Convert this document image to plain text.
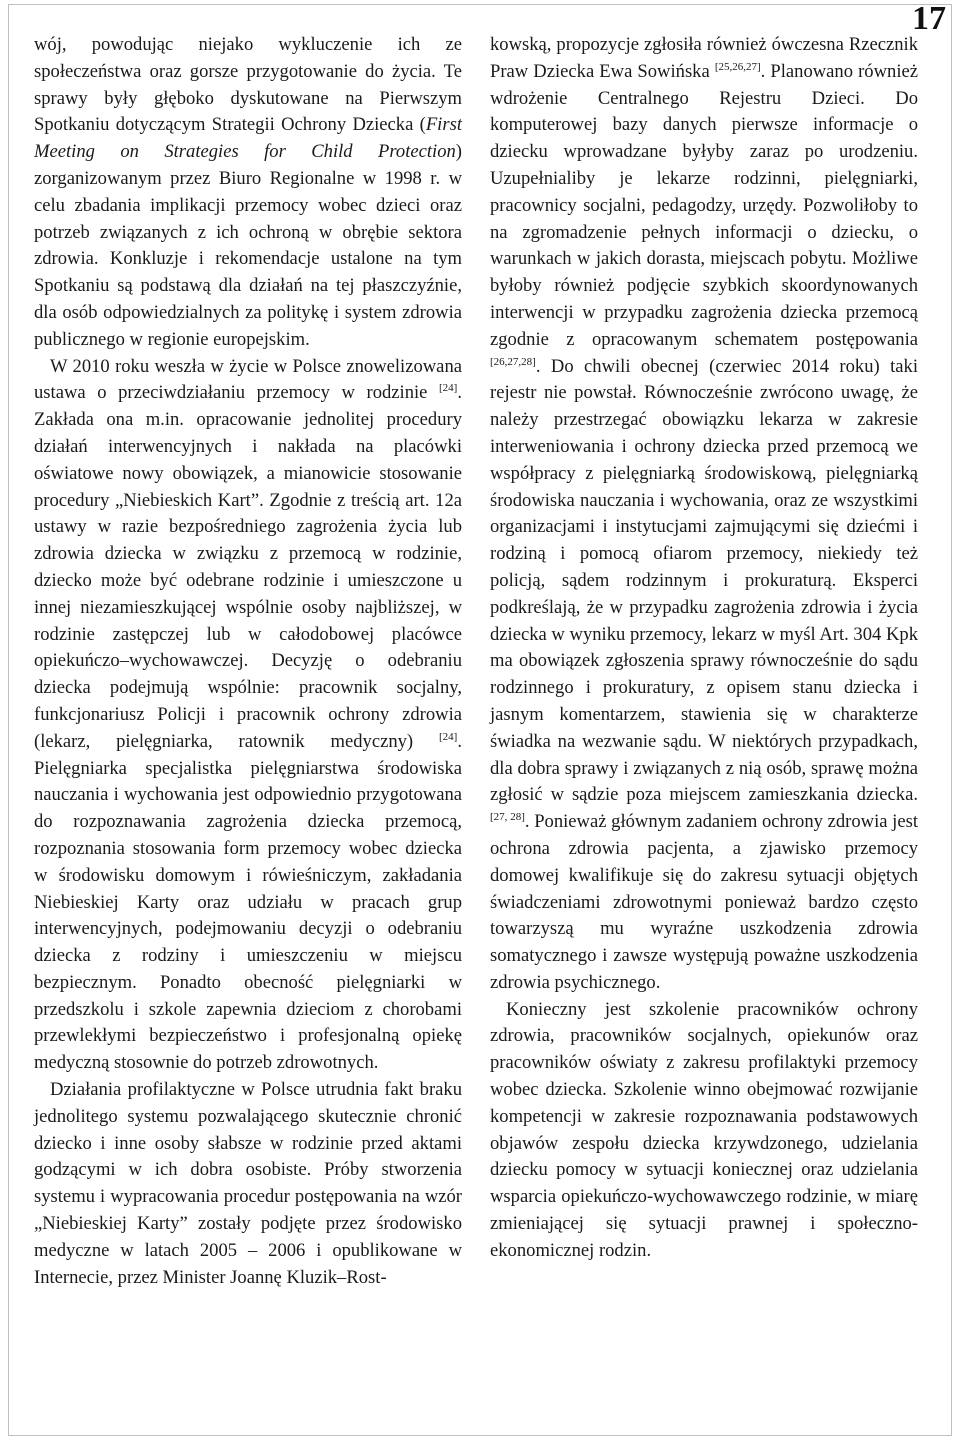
17

wój, powodując niejako wykluczenie ich ze społeczeństwa oraz gorsze przygotowanie do życia. Te sprawy były głęboko dyskutowane na Pierwszym Spotkaniu dotyczącym Strategii Ochrony Dziecka (First Meeting on Strategies for Child Protection) zorganizowanym przez Biuro Regionalne w 1998 r. w celu zbadania implikacji przemocy wobec dzieci oraz potrzeb związanych z ich ochroną w obrębie sektora zdrowia. Konkluzje i rekomendacje ustalone na tym Spotkaniu są podstawą dla działań na tej płaszczyźnie, dla osób odpowiedzialnych za politykę i system zdrowia publicznego w regionie europejskim.

W 2010 roku weszła w życie w Polsce znowelizowana ustawa o przeciwdziałaniu przemocy w rodzinie [24]. Zakłada ona m.in. opracowanie jednolitej procedury działań interwencyjnych i nakłada na placówki oświatowe nowy obowiązek, a mianowicie stosowanie procedury „Niebieskich Kart”. Zgodnie z treścią art. 12a ustawy w razie bezpośredniego zagrożenia życia lub zdrowia dziecka w związku z przemocą w rodzinie, dziecko może być odebrane rodzinie i umieszczone u innej niezamieszkującej wspólnie osoby najbliższej, w rodzinie zastępczej lub w całodobowej placówce opiekuńczo–wychowawczej. Decyzję o odebraniu dziecka podejmują wspólnie: pracownik socjalny, funkcjonariusz Policji i pracownik ochrony zdrowia (lekarz, pielęgniarka, ratownik medyczny) [24]. Pielęgniarka specjalistka pielęgniarstwa środowiska nauczania i wychowania jest odpowiednio przygotowana do rozpoznawania zagrożenia dziecka przemocą, rozpoznania stosowania form przemocy wobec dziecka w środowisku domowym i rówieśniczym, zakładania Niebieskiej Karty oraz udziału w pracach grup interwencyjnych, podejmowaniu decyzji o odebraniu dziecka z rodziny i umieszczeniu w miejscu bezpiecznym. Ponadto obecność pielęgniarki w przedszkolu i szkole zapewnia dzieciom z chorobami przewlekłymi bezpieczeństwo i profesjonalną opiekę medyczną stosownie do potrzeb zdrowotnych.

Działania profilaktyczne w Polsce utrudnia fakt braku jednolitego systemu pozwalającego skutecznie chronić dziecko i inne osoby słabsze w rodzinie przed aktami godzącymi w ich dobra osobiste. Próby stworzenia systemu i wypracowania procedur postępowania na wzór „Niebieskiej Karty” zostały podjęte przez środowisko medyczne w latach 2005 – 2006 i opublikowane w Internecie, przez Minister Joannę Kluzik–Rost-

kowską, propozycje zgłosiła również ówczesna Rzecznik Praw Dziecka Ewa Sowińska [25,26,27]. Planowano również wdrożenie Centralnego Rejestru Dzieci. Do komputerowej bazy danych pierwsze informacje o dziecku wprowadzane byłyby zaraz po urodzeniu. Uzupełnialiby je lekarze rodzinni, pielęgniarki, pracownicy socjalni, pedagodzy, urzędy. Pozwoliłoby to na zgromadzenie pełnych informacji o dziecku, o warunkach w jakich dorasta, miejscach pobytu. Możliwe byłoby również podjęcie szybkich skoordynowanych interwencji w przypadku zagrożenia dziecka przemocą zgodnie z opracowanym schematem postępowania [26,27,28]. Do chwili obecnej (czerwiec 2014 roku) taki rejestr nie powstał. Równocześnie zwrócono uwagę, że należy przestrzegać obowiązku lekarza w zakresie interweniowania i ochrony dziecka przed przemocą we współpracy z pielęgniarką środowiskową, pielęgniarką środowiska nauczania i wychowania, oraz ze wszystkimi organizacjami i instytucjami zajmującymi się dziećmi i rodziną i pomocą ofiarom przemocy, niekiedy też policją, sądem rodzinnym i prokuraturą. Eksperci podkreślają, że w przypadku zagrożenia zdrowia i życia dziecka w wyniku przemocy, lekarz w myśl Art. 304 Kpk ma obowiązek zgłoszenia sprawy równocześnie do sądu rodzinnego i prokuratury, z opisem stanu dziecka i jasnym komentarzem, stawienia się w charakterze świadka na wezwanie sądu. W niektórych przypadkach, dla dobra sprawy i związanych z nią osób, sprawę można zgłosić w sądzie poza miejscem zamieszkania dziecka. [27, 28]. Ponieważ głównym zadaniem ochrony zdrowia jest ochrona zdrowia pacjenta, a zjawisko przemocy domowej kwalifikuje się do zakresu sytuacji objętych świadczeniami zdrowotnymi ponieważ bardzo często towarzyszą mu wyraźne uszkodzenia zdrowia somatycznego i zawsze występują poważne uszkodzenia zdrowia psychicznego.

Konieczny jest szkolenie pracowników ochrony zdrowia, pracowników socjalnych, opiekunów oraz pracowników oświaty z zakresu profilaktyki przemocy wobec dziecka. Szkolenie winno obejmować rozwijanie kompetencji w zakresie rozpoznawania podstawowych objawów zespołu dziecka krzywdzonego, udzielania dziecku pomocy w sytuacji koniecznej oraz udzielania wsparcia opiekuńczo-wychowawczego rodzinie, w miarę zmieniającej się sytuacji prawnej i społeczno-ekonomicznej rodzin.
